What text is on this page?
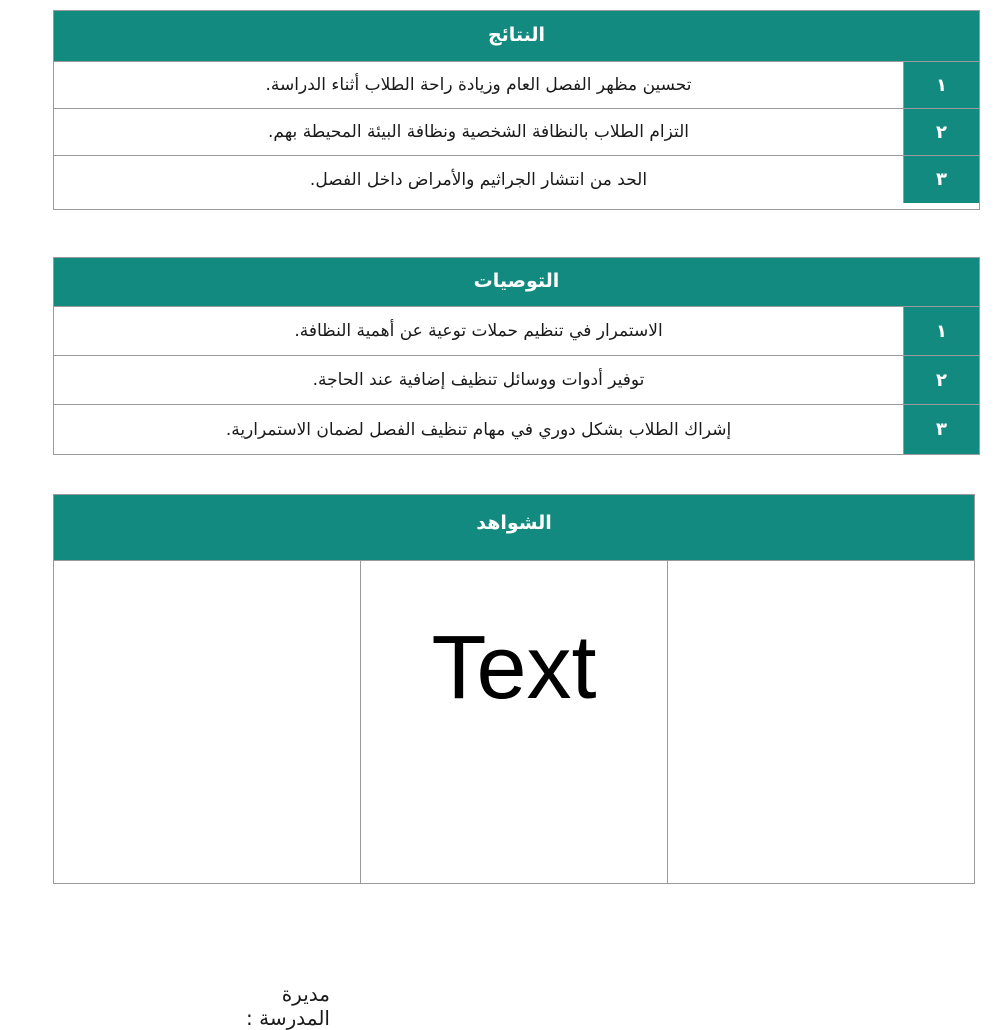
النتائج
١
تحسين مظهر الفصل العام وزيادة راحة الطلاب أثناء الدراسة.
٢
التزام الطلاب بالنظافة الشخصية ونظافة البيئة المحيطة بهم.
٣
الحد من انتشار الجراثيم والأمراض داخل الفصل.
التوصيات
١
الاستمرار في تنظيم حملات توعية عن أهمية النظافة.
٢
توفير أدوات ووسائل تنظيف إضافية عند الحاجة.
٣
إشراك الطلاب بشكل دوري في مهام تنظيف الفصل لضمان الاستمرارية.
الشواهد
Text
مديرة المدرسة :
